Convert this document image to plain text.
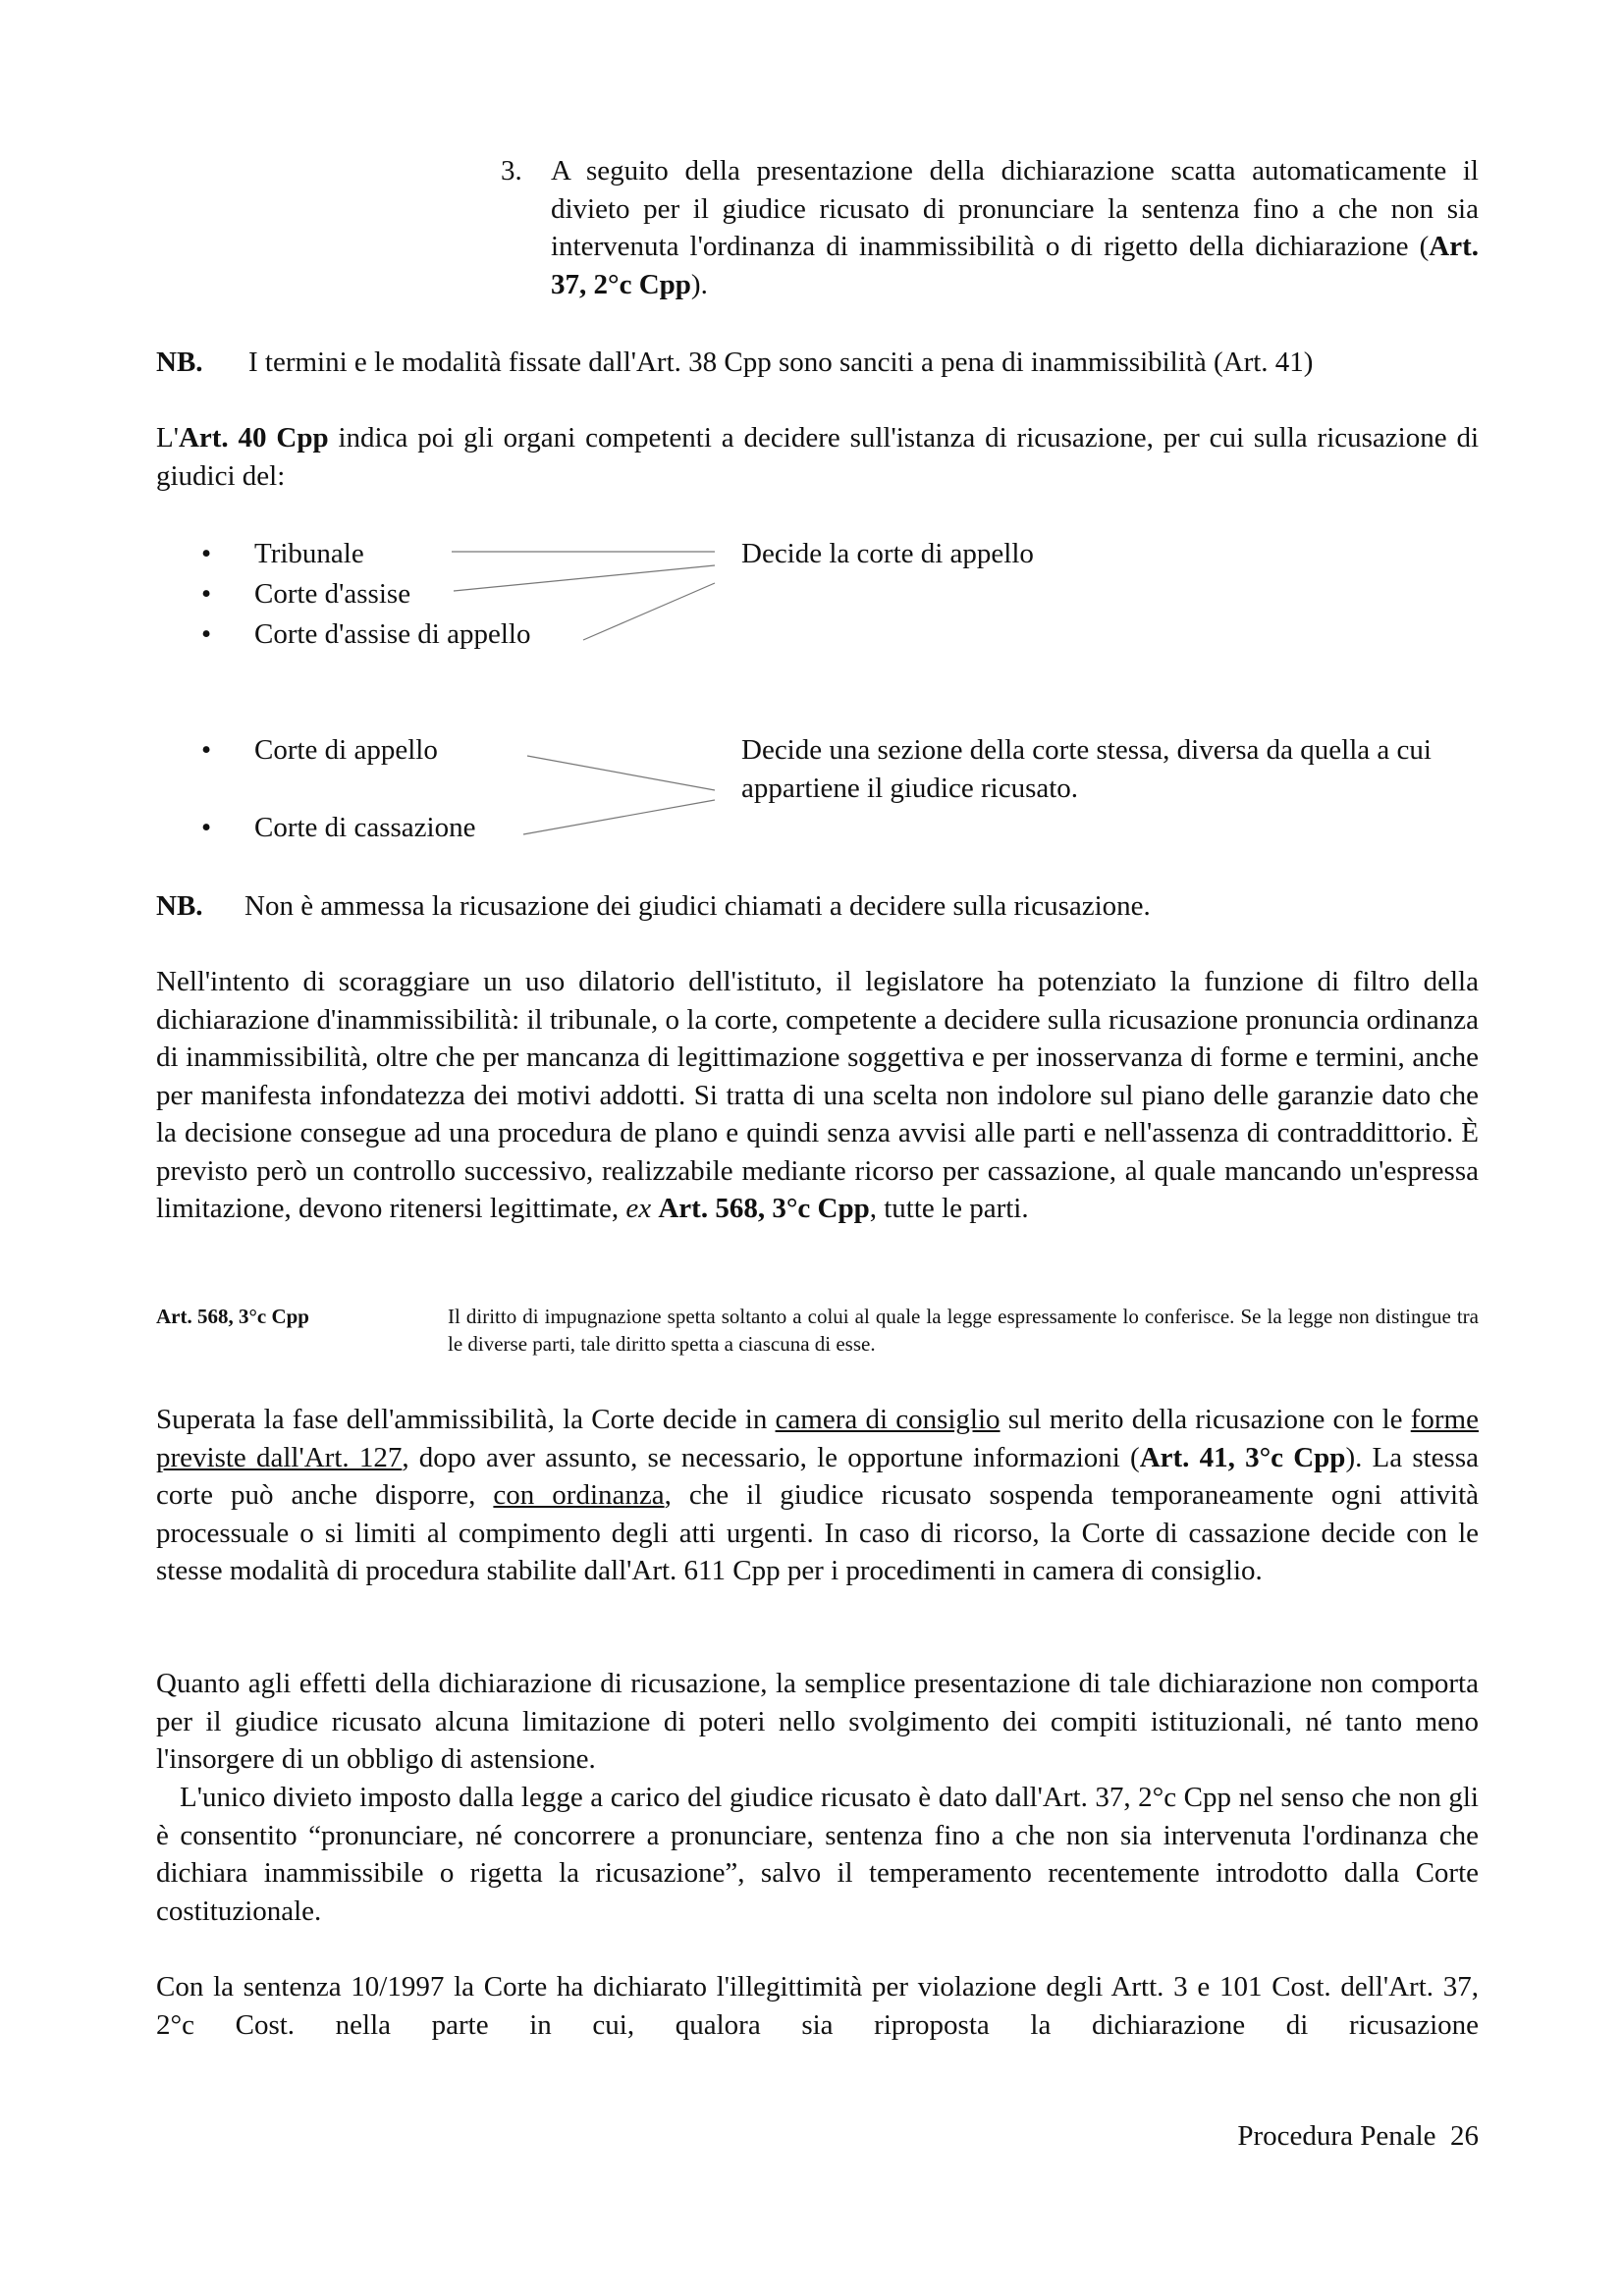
3. A seguito della presentazione della dichiarazione scatta automaticamente il divieto per il giudice ricusato di pronunciare la sentenza fino a che non sia intervenuta l'ordinanza di inammissibilità o di rigetto della dichiarazione (Art. 37, 2°c Cpp).
NB. I termini e le modalità fissate dall'Art. 38 Cpp sono sanciti a pena di inammissibilità (Art. 41)
L'Art. 40 Cpp indica poi gli organi competenti a decidere sull'istanza di ricusazione, per cui sulla ricusazione di giudici del:
• Tribunale
• Corte d'assise
• Corte d'assise di appello
Decide la corte di appello
• Corte di appello
• Corte di cassazione
Decide una sezione della corte stessa, diversa da quella a cui appartiene il giudice ricusato.
NB. Non è ammessa la ricusazione dei giudici chiamati a decidere sulla ricusazione.
Nell'intento di scoraggiare un uso dilatorio dell'istituto, il legislatore ha potenziato la funzione di filtro della dichiarazione d'inammissibilità: il tribunale, o la corte, competente a decidere sulla ricusazione pronuncia ordinanza di inammissibilità, oltre che per mancanza di legittimazione soggettiva e per inosservanza di forme e termini, anche per manifesta infondatezza dei motivi addotti. Si tratta di una scelta non indolore sul piano delle garanzie dato che la decisione consegue ad una procedura de plano e quindi senza avvisi alle parti e nell'assenza di contraddittorio. È previsto però un controllo successivo, realizzabile mediante ricorso per cassazione, al quale mancando un'espressa limitazione, devono ritenersi legittimate, ex Art. 568, 3°c Cpp, tutte le parti.
Art. 568, 3°c Cpp	Il diritto di impugnazione spetta soltanto a colui al quale la legge espressamente lo conferisce. Se la legge non distingue tra le diverse parti, tale diritto spetta a ciascuna di esse.
Superata la fase dell'ammissibilità, la Corte decide in camera di consiglio sul merito della ricusazione con le forme previste dall'Art. 127, dopo aver assunto, se necessario, le opportune informazioni (Art. 41, 3°c Cpp). La stessa corte può anche disporre, con ordinanza, che il giudice ricusato sospenda temporaneamente ogni attività processuale o si limiti al compimento degli atti urgenti. In caso di ricorso, la Corte di cassazione decide con le stesse modalità di procedura stabilite dall'Art. 611 Cpp per i procedimenti in camera di consiglio.
Quanto agli effetti della dichiarazione di ricusazione, la semplice presentazione di tale dichiarazione non comporta per il giudice ricusato alcuna limitazione di poteri nello svolgimento dei compiti istituzionali, né tanto meno l'insorgere di un obbligo di astensione.
L'unico divieto imposto dalla legge a carico del giudice ricusato è dato dall'Art. 37, 2°c Cpp nel senso che non gli è consentito “pronunciare, né concorrere a pronunciare, sentenza fino a che non sia intervenuta l'ordinanza che dichiara inammissibile o rigetta la ricusazione”, salvo il temperamento recentemente introdotto dalla Corte costituzionale.
Con la sentenza 10/1997 la Corte ha dichiarato l'illegittimità per violazione degli Artt. 3 e 101 Cost. dell'Art. 37, 2°c Cost. nella parte in cui, qualora sia riproposta la dichiarazione di ricusazione
Procedura Penale 26
